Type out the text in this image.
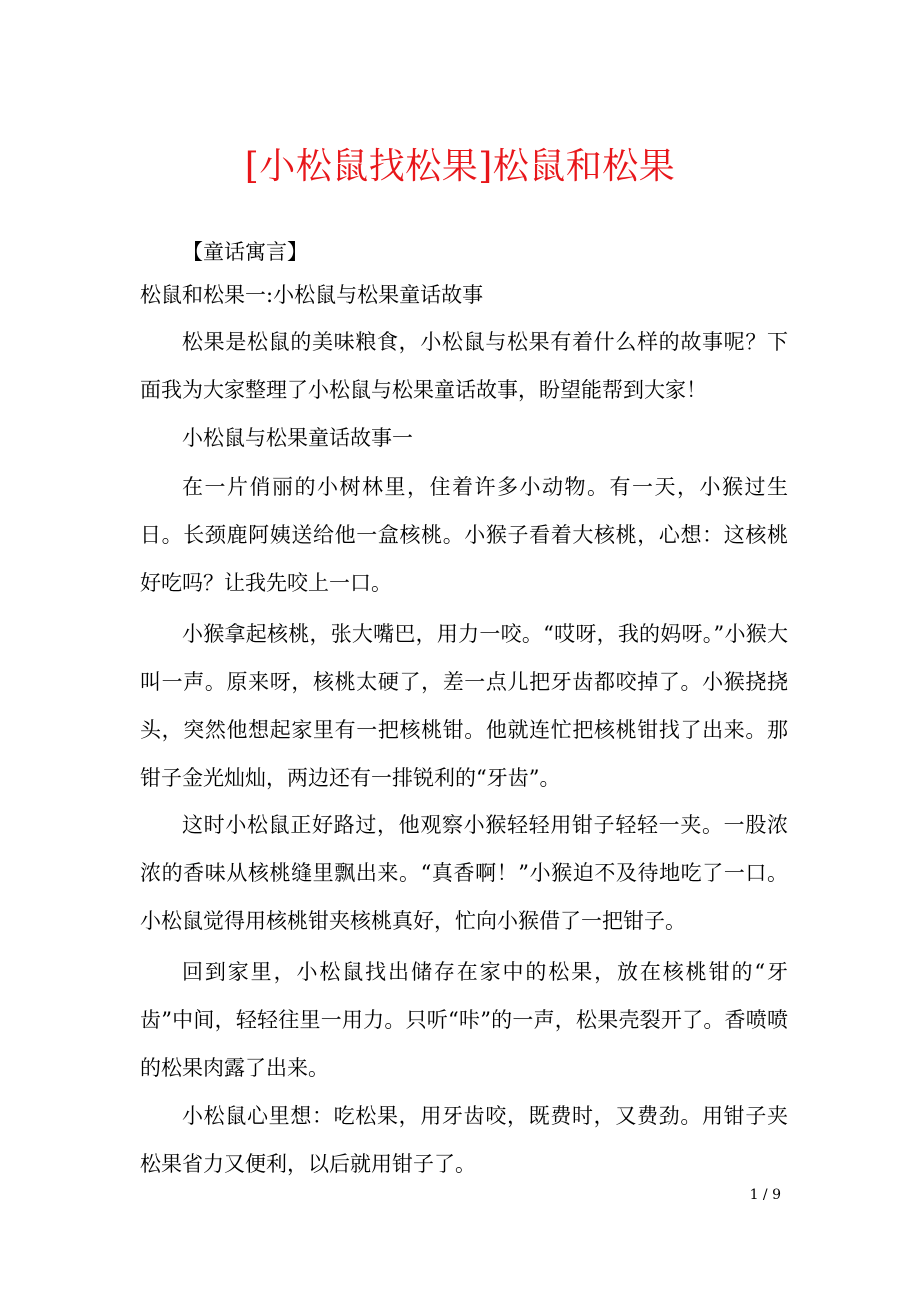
[小松鼠找松果]松鼠和松果
【童话寓言】
松鼠和松果一:小松鼠与松果童话故事
松果是松鼠的美味粮食，小松鼠与松果有着什么样的故事呢？下面我为大家整理了小松鼠与松果童话故事，盼望能帮到大家！
小松鼠与松果童话故事一
在一片俏丽的小树林里，住着许多小动物。有一天，小猴过生日。长颈鹿阿姨送给他一盒核桃。小猴子看着大核桃，心想：这核桃好吃吗？让我先咬上一口。
小猴拿起核桃，张大嘴巴，用力一咬。“哎呀，我的妈呀。”小猴大叫一声。原来呀，核桃太硬了，差一点儿把牙齿都咬掉了。小猴挠挠头，突然他想起家里有一把核桃钳。他就连忙把核桃钳找了出来。那钳子金光灿灿，两边还有一排锐利的“牙齿”。
这时小松鼠正好路过，他观察小猴轻轻用钳子轻轻一夹。一股浓浓的香味从核桃缝里飘出来。“真香啊！”小猴迫不及待地吃了一口。小松鼠觉得用核桃钳夹核桃真好，忙向小猴借了一把钳子。
回到家里，小松鼠找出储存在家中的松果，放在核桃钳的“牙齿”中间，轻轻往里一用力。只听“咔”的一声，松果壳裂开了。香喷喷的松果肉露了出来。
小松鼠心里想：吃松果，用牙齿咬，既费时，又费劲。用钳子夹松果省力又便利，以后就用钳子了。
1 / 9
